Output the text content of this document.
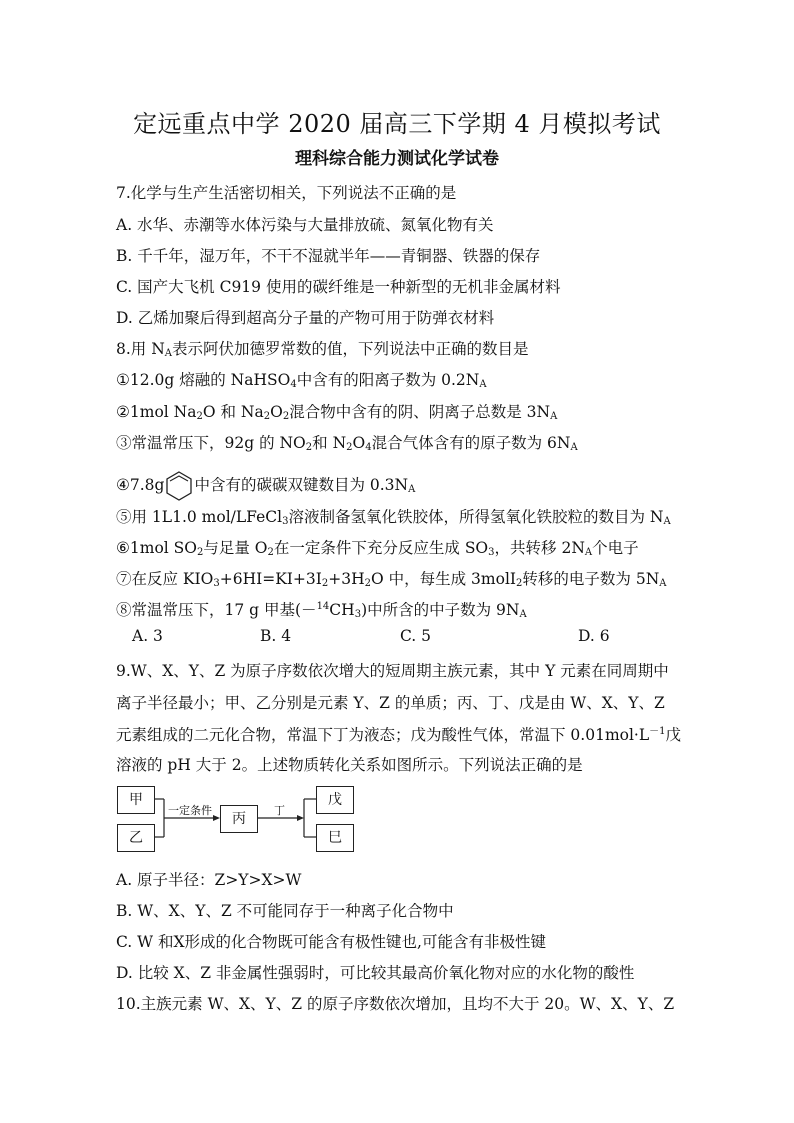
定远重点中学 2020 届高三下学期 4 月模拟考试
理科综合能力测试化学试卷
7.化学与生产生活密切相关，下列说法不正确的是
A. 水华、赤潮等水体污染与大量排放硫、氮氧化物有关
B. 千千年，湿万年，不干不湿就半年——青铜器、铁器的保存
C. 国产大飞机 C919 使用的碳纤维是一种新型的无机非金属材料
D. 乙烯加聚后得到超高分子量的产物可用于防弹衣材料
8.用 $N_A$表示阿伏加德罗常数的值，下列说法中正确的数目是
①12.0g 熔融的 NaHSO$_4$中含有的阳离子数为 $0.2N_A$
②1mol $Na_2O$ 和 $Na_2O_2$混合物中含有的阴、阴离子总数是 $3N_A$
③常温常压下，92g 的 $NO_2$和 $N_2O_4$混合气体含有的原子数为 $6N_A$
④7.8g 中含有的碳碳双键数目为 $0.3N_A$
⑤用 1L1.0 mol/LFeCl$_3$溶液制备氢氧化铁胶体，所得氢氧化铁胶粒的数目为 $N_A$
⑥1mol $SO_2$与足量 $O_2$在一定条件下充分反应生成 $SO_3$，共转移 $2N_A$个电子
⑦在反应 $KIO_3+6HI=KI+3I_2+3H_2O$ 中，每生成 3molI$_2$转移的电子数为 $5N_A$
⑧常温常压下，17 g 甲基$(-^{14}CH_3)$中所含的中子数为 $9N_A$
A. 3	B. 4	C. 5	D. 6
9.W、X、Y、Z 为原子序数依次增大的短周期主族元素，其中 Y 元素在同周期中
离子半径最小；甲、乙分别是元素 Y、Z 的单质；丙、丁、戊是由 W、X、Y、Z
元素组成的二元化合物，常温下丁为液态；戊为酸性气体，常温下 $0.01mol\cdot L^{-1}$戊
溶液的 pH 大于 2。上述物质转化关系如图所示。下列说法正确的是
甲
乙
丙
戊
巳
一定条件	丁
A. 原子半径：Z>Y>X>W
B. W、X、Y、Z 不可能同存于一种离子化合物中
C. W 和Ⅹ形成的化合物既可能含有极性键也,可能含有非极性键
D. 比较 X、Z 非金属性强弱时，可比较其最高价氧化物对应的水化物的酸性
10.主族元素 W、X、Y、Z 的原子序数依次增加，且均不大于 20。W、X、Y、Z
